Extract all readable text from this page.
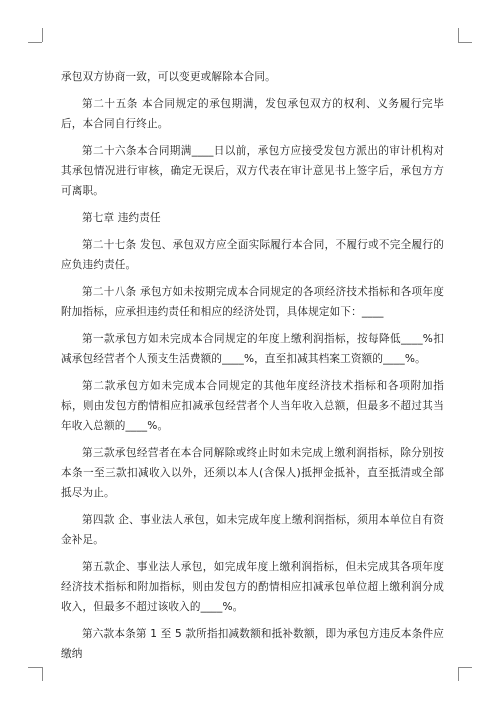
承包双方协商一致，可以变更或解除本合同。

第二十五条 本合同规定的承包期满，发包承包双方的权利、义务履行完毕后，本合同自行终止。

第二十六条本合同期满____日以前，承包方应接受发包方派出的审计机构对其承包情况进行审核，确定无误后，双方代表在审计意见书上签字后，承包方方可离职。

第七章 违约责任

第二十七条 发包、承包双方应全面实际履行本合同，不履行或不完全履行的应负违约责任。

第二十八条 承包方如未按期完成本合同规定的各项经济技术指标和各项年度附加指标，应承担违约责任和相应的经济处罚，具体规定如下：____

第一款承包方如未完成本合同规定的年度上缴利润指标，按每降低____%扣减承包经营者个人预支生活费额的____%，直至扣减其档案工资额的____%。

第二款承包方如未完成本合同规定的其他年度经济技术指标和各项附加指标，则由发包方酌情相应扣减承包经营者个人当年收入总额，但最多不超过其当年收入总额的____%。

第三款承包经营者在本合同解除或终止时如未完成上缴利润指标，除分别按本条一至三款扣减收入以外，还须以本人(含保人)抵押金抵补，直至抵清或全部抵尽为止。

第四款 企、事业法人承包，如未完成年度上缴利润指标，须用本单位自有资金补足。

第五款企、事业法人承包，如完成年度上缴利润指标，但未完成其各项年度经济技术指标和附加指标，则由发包方的酌情相应扣减承包单位超上缴利润分成收入，但最多不超过该收入的____%。

第六款本条第 1 至 5 款所指扣减数额和抵补数额，即为承包方违反本条件应缴纳
